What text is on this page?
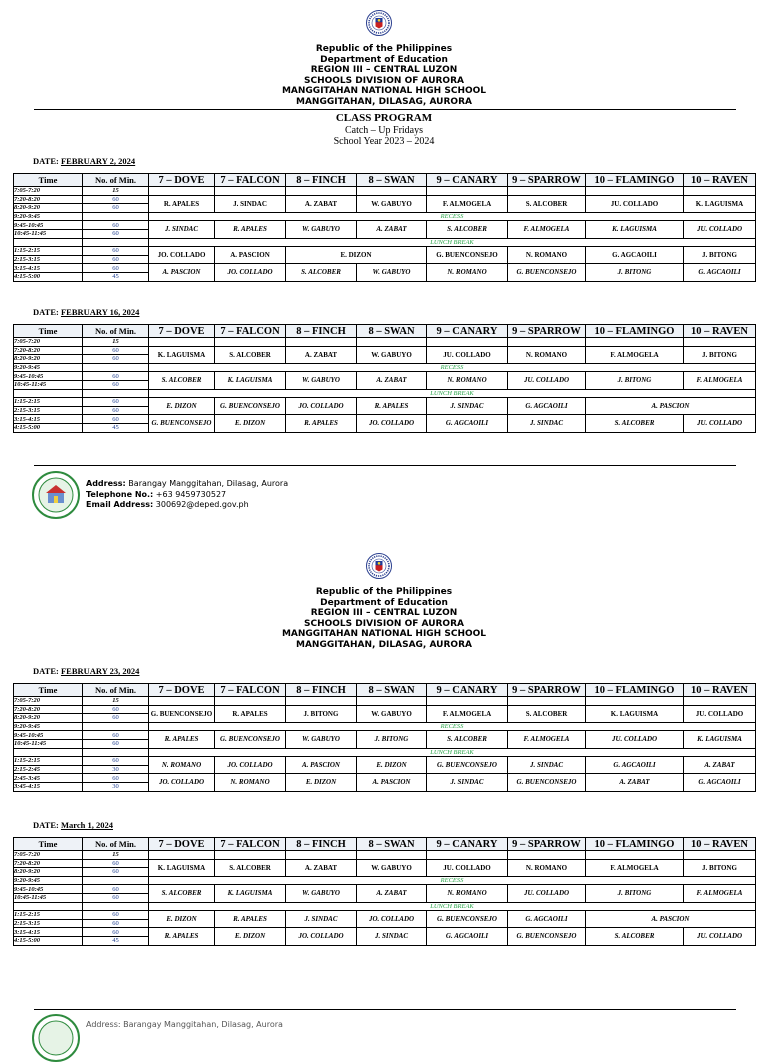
Republic of the Philippines
Department of Education
REGION III – CENTRAL LUZON
SCHOOLS DIVISION OF AURORA
MANGGITAHAN NATIONAL HIGH SCHOOL
MANGGITAHAN, DILASAG, AURORA
CLASS PROGRAM
Catch – Up Fridays
School Year 2023 – 2024
DATE: FEBRUARY 2, 2024
Time	No. of Min.	7 – DOVE	7 – FALCON	8 – FINCH	8 – SWAN	9 – CANARY	9 – SPARROW	10 – FLAMINGO	10 – RAVEN
7:05-7:20	15								
7:20-8:20	60	R. APALES	J. SINDAC	A. ZABAT	W. GABUYO	F. ALMOGELA	S. ALCOBER	JU. COLLADO	K. LAGUISMA
8:20-9:20	60								
9:20-9:45		RECESS							
9:45-10:45	60	J. SINDAC	R. APALES	W. GABUYO	A. ZABAT	S. ALCOBER	F. ALMOGELA	K. LAGUISMA	JU. COLLADO
10:45-11:45	60								
		LUNCH BREAK							
1:15-2:15	60	JO. COLLADO	A. PASCION	E. DIZON		G. BUENCONSEJO	N. ROMANO	G. AGCAOILI	J. BITONG
2:15-3:15	60								
3:15-4:15	60	A. PASCION	JO. COLLADO	S. ALCOBER	W. GABUYO	N. ROMANO	G. BUENCONSEJO	J. BITONG	G. AGCAOILI
4:15-5:00	45								
DATE: FEBRUARY 16, 2024
Time	No. of Min.	7 – DOVE	7 – FALCON	8 – FINCH	8 – SWAN	9 – CANARY	9 – SPARROW	10 – FLAMINGO	10 – RAVEN
7:05-7:20	15								
7:20-8:20	60	K. LAGUISMA	S. ALCOBER	A. ZABAT	W. GABUYO	JU. COLLADO	N. ROMANO	F. ALMOGELA	J. BITONG
8:20-9:20	60								
9:20-9:45		RECESS							
9:45-10:45	60	S. ALCOBER	K. LAGUISMA	W. GABUYO	A. ZABAT	N. ROMANO	JU. COLLADO	J. BITONG	F. ALMOGELA
10:45-11:45	60								
		LUNCH BREAK							
1:15-2:15	60	E. DIZON	G. BUENCONSEJO	JO. COLLADO	R. APALES	J. SINDAC	G. AGCAOILI	A. PASCION	
2:15-3:15	60								
3:15-4:15	60	G. BUENCONSEJO	E. DIZON	R. APALES	JO. COLLADO	G. AGCAOILI	J. SINDAC	S. ALCOBER	JU. COLLADO
4:15-5:00	45								
Address: Barangay Manggitahan, Dilasag, Aurora
Telephone No.: +63 9459730527
Email Address: 300692@deped.gov.ph
Republic of the Philippines
Department of Education
REGION III – CENTRAL LUZON
SCHOOLS DIVISION OF AURORA
MANGGITAHAN NATIONAL HIGH SCHOOL
MANGGITAHAN, DILASAG, AURORA
DATE: FEBRUARY 23, 2024
Time	No. of Min.	7 – DOVE	7 – FALCON	8 – FINCH	8 – SWAN	9 – CANARY	9 – SPARROW	10 – FLAMINGO	10 – RAVEN
7:05-7:20	15								
7:20-8:20	60	G. BUENCONSEJO	R. APALES	J. BITONG	W. GABUYO	F. ALMOGELA	S. ALCOBER	K. LAGUISMA	JU. COLLADO
8:20-9:20	60								
9:20-9:45		RECESS							
9:45-10:45	60	R. APALES	G. BUENCONSEJO	W. GABUYO	J. BITONG	S. ALCOBER	F. ALMOGELA	JU. COLLADO	K. LAGUISMA
10:45-11:45	60								
		LUNCH BREAK							
1:15-2:15	60	N. ROMANO	JO. COLLADO	A. PASCION	E. DIZON	G. BUENCONSEJO	J. SINDAC	G. AGCAOILI	A. ZABAT
2:15-2:45	30								
2:45-3:45	60	JO. COLLADO	N. ROMANO	E. DIZON	A. PASCION	J. SINDAC	G. BUENCONSEJO	A. ZABAT	G. AGCAOILI
3:45-4:15	30								
DATE: March 1, 2024
Time	No. of Min.	7 – DOVE	7 – FALCON	8 – FINCH	8 – SWAN	9 – CANARY	9 – SPARROW	10 – FLAMINGO	10 – RAVEN
7:05-7:20	15								
7:20-8:20	60	K. LAGUISMA	S. ALCOBER	A. ZABAT	W. GABUYO	JU. COLLADO	N. ROMANO	F. ALMOGELA	J. BITONG
8:20-9:20	60								
9:20-9:45		RECESS							
9:45-10:45	60	S. ALCOBER	K. LAGUISMA	W. GABUYO	A. ZABAT	N. ROMANO	JU. COLLADO	J. BITONG	F. ALMOGELA
10:45-11:45	60								
		LUNCH BREAK							
1:15-2:15	60	E. DIZON	R. APALES	J. SINDAC	JO. COLLADO	G. BUENCONSEJO	G. AGCAOILI	A. PASCION	
2:15-3:15	60								
3:15-4:15	60	R. APALES	E. DIZON	JO. COLLADO	J. SINDAC	G. AGCAOILI	G. BUENCONSEJO	S. ALCOBER	JU. COLLADO
4:15-5:00	45								
Address: Barangay Manggitahan, Dilasag, Aurora
